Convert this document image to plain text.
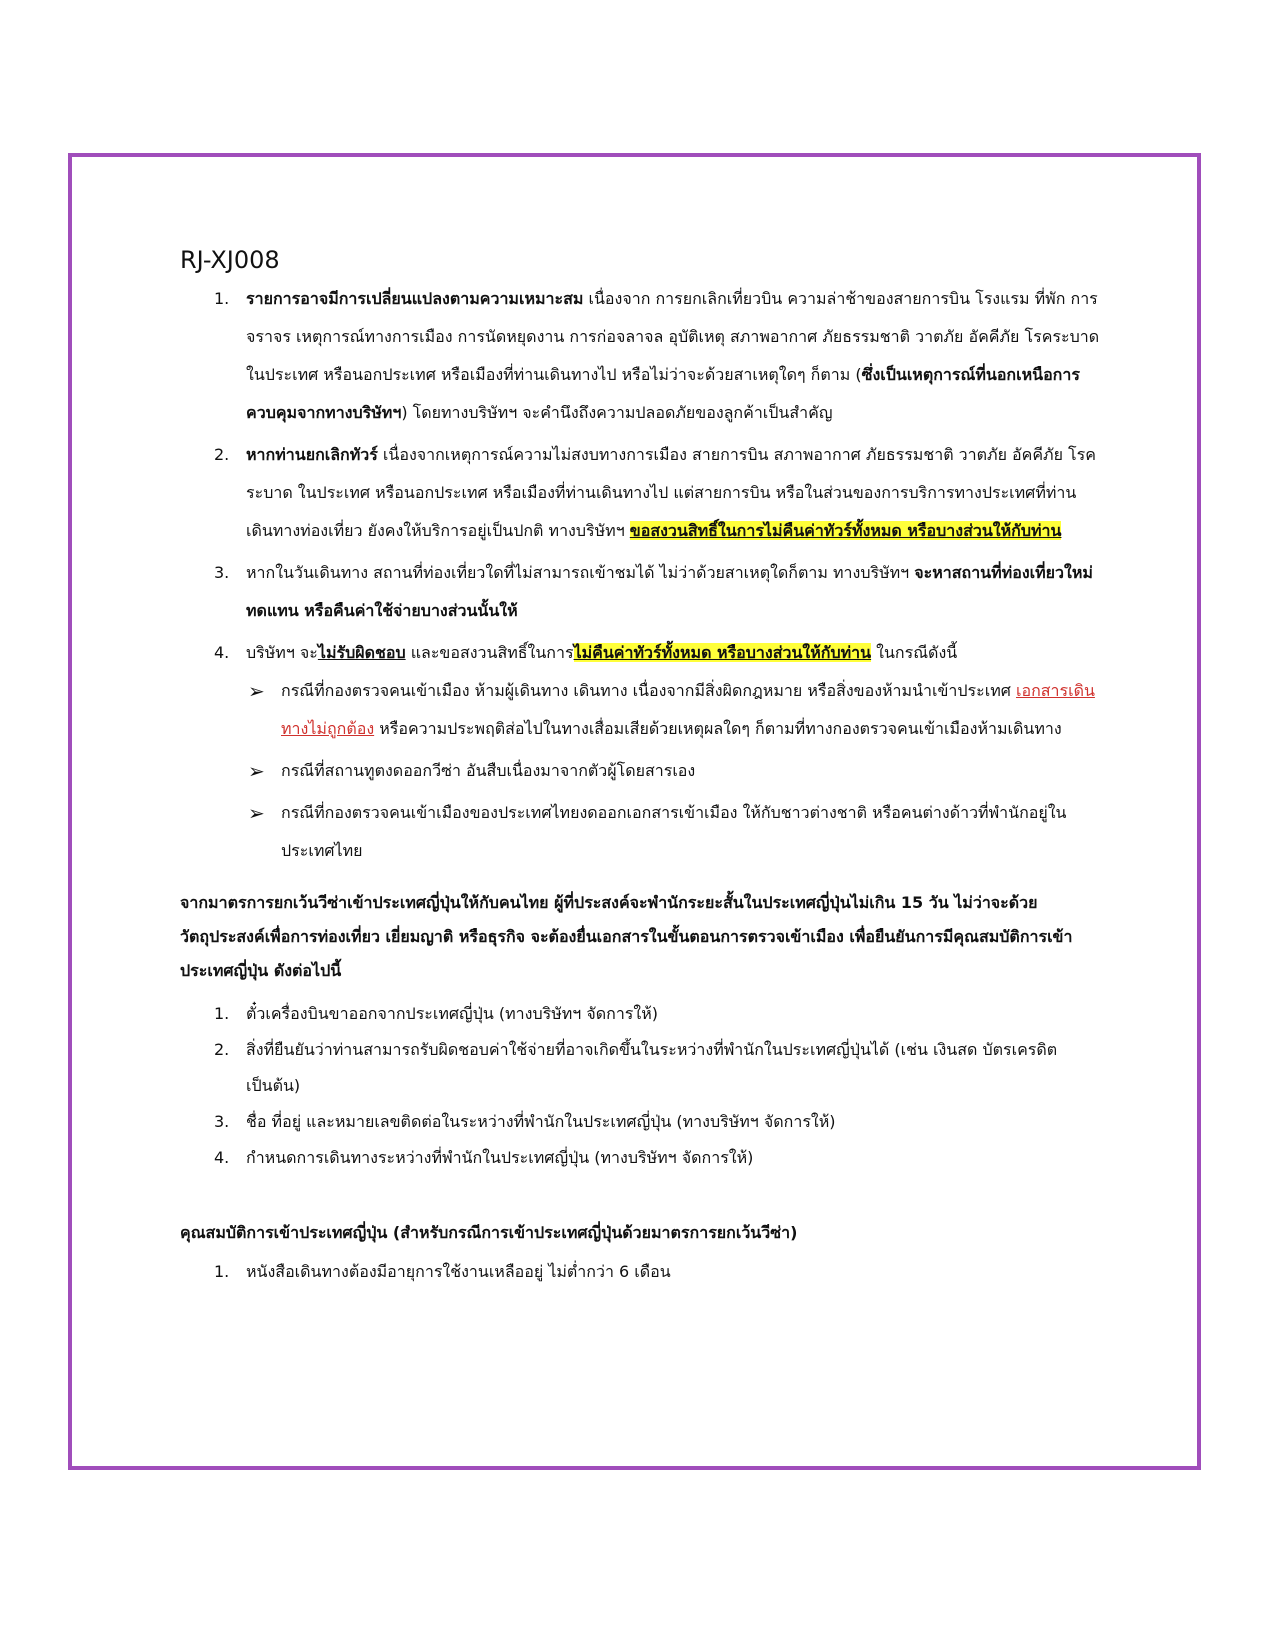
RJ-XJ008
1.	รายการอาจมีการเปลี่ยนแปลงตามความเหมาะสม เนื่องจาก การยกเลิกเที่ยวบิน ความล่าช้าของสายการบิน โรงแรม ที่พัก การจราจร เหตุการณ์ทางการเมือง การนัดหยุดงาน การก่อจลาจล อุบัติเหตุ สภาพอากาศ ภัยธรรมชาติ วาตภัย อัคคีภัย โรคระบาด ในประเทศ หรือนอกประเทศ หรือเมืองที่ท่านเดินทางไป หรือไม่ว่าจะด้วยสาเหตุใดๆ ก็ตาม (ซึ่งเป็นเหตุการณ์ที่นอกเหนือการควบคุมจากทางบริษัทฯ) โดยทางบริษัทฯ จะคำนึงถึงความปลอดภัยของลูกค้าเป็นสำคัญ
2.	หากท่านยกเลิกทัวร์ เนื่องจากเหตุการณ์ความไม่สงบทางการเมือง สายการบิน สภาพอากาศ ภัยธรรมชาติ วาตภัย อัคคีภัย โรคระบาด ในประเทศ หรือนอกประเทศ หรือเมืองที่ท่านเดินทางไป แต่สายการบิน หรือในส่วนของการบริการทางประเทศที่ท่านเดินทางท่องเที่ยว ยังคงให้บริการอยู่เป็นปกติ ทางบริษัทฯ ขอสงวนสิทธิ์ในการไม่คืนค่าทัวร์ทั้งหมด หรือบางส่วนให้กับท่าน
3.	หากในวันเดินทาง สถานที่ท่องเที่ยวใดที่ไม่สามารถเข้าชมได้ ไม่ว่าด้วยสาเหตุใดก็ตาม ทางบริษัทฯ จะหาสถานที่ท่องเที่ยวใหม่ทดแทน หรือคืนค่าใช้จ่ายบางส่วนนั้นให้
4.	บริษัทฯ จะไม่รับผิดชอบ และขอสงวนสิทธิ์ในการไม่คืนค่าทัวร์ทั้งหมด หรือบางส่วนให้กับท่าน ในกรณีดังนี้
➢ กรณีที่กองตรวจคนเข้าเมือง ห้ามผู้เดินทาง เดินทาง เนื่องจากมีสิ่งผิดกฎหมาย หรือสิ่งของห้ามนำเข้าประเทศ เอกสารเดินทางไม่ถูกต้อง หรือความประพฤติส่อไปในทางเสื่อมเสียด้วยเหตุผลใดๆ ก็ตามที่ทางกองตรวจคนเข้าเมืองห้ามเดินทาง
➢ กรณีที่สถานทูตงดออกวีซ่า อันสืบเนื่องมาจากตัวผู้โดยสารเอง
➢ กรณีที่กองตรวจคนเข้าเมืองของประเทศไทยงดออกเอกสารเข้าเมือง ให้กับชาวต่างชาติ หรือคนต่างด้าวที่พำนักอยู่ในประเทศไทย
จากมาตรการยกเว้นวีซ่าเข้าประเทศญี่ปุ่นให้กับคนไทย ผู้ที่ประสงค์จะพำนักระยะสั้นในประเทศญี่ปุ่นไม่เกิน 15 วัน ไม่ว่าจะด้วยวัตถุประสงค์เพื่อการท่องเที่ยว เยี่ยมญาติ หรือธุรกิจ จะต้องยื่นเอกสารในขั้นตอนการตรวจเข้าเมือง เพื่อยืนยันการมีคุณสมบัติการเข้าประเทศญี่ปุ่น ดังต่อไปนี้
1.	ตั๋วเครื่องบินขาออกจากประเทศญี่ปุ่น (ทางบริษัทฯ จัดการให้)
2.	สิ่งที่ยืนยันว่าท่านสามารถรับผิดชอบค่าใช้จ่ายที่อาจเกิดขึ้นในระหว่างที่พำนักในประเทศญี่ปุ่นได้ (เช่น เงินสด บัตรเครดิต เป็นต้น)
3.	ชื่อ ที่อยู่ และหมายเลขติดต่อในระหว่างที่พำนักในประเทศญี่ปุ่น (ทางบริษัทฯ จัดการให้)
4.	กำหนดการเดินทางระหว่างที่พำนักในประเทศญี่ปุ่น (ทางบริษัทฯ จัดการให้)
คุณสมบัติการเข้าประเทศญี่ปุ่น (สำหรับกรณีการเข้าประเทศญี่ปุ่นด้วยมาตรการยกเว้นวีซ่า)
1.	หนังสือเดินทางต้องมีอายุการใช้งานเหลืออยู่ ไม่ต่ำกว่า 6 เดือน
